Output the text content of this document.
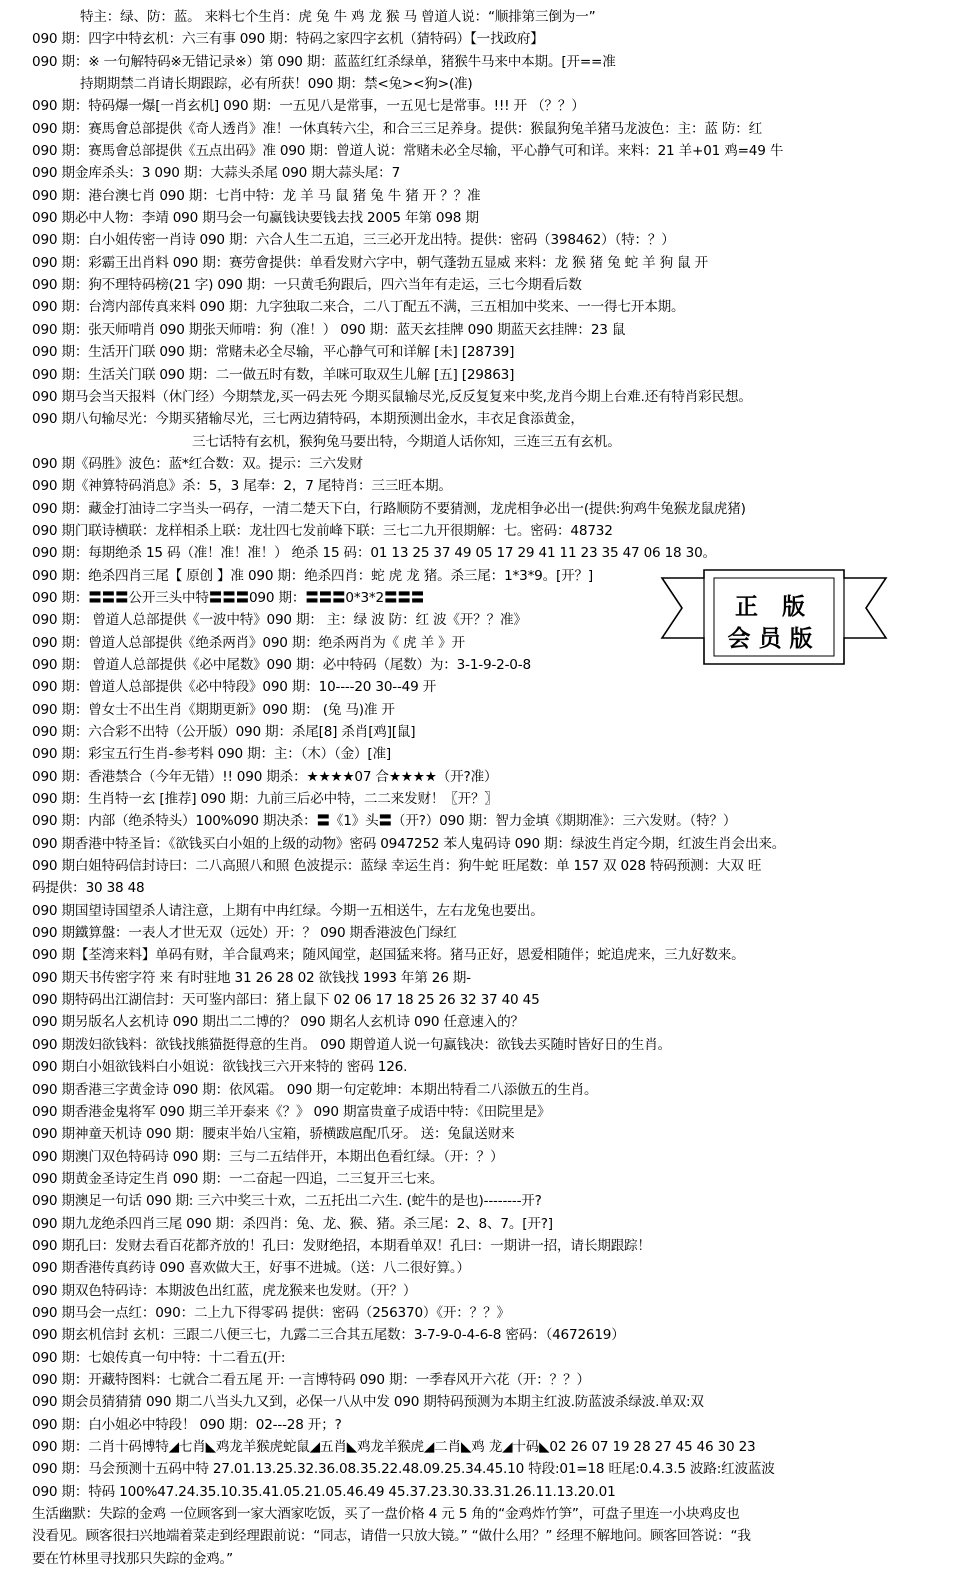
特主：绿、防：蓝。 来料七个生肖：虎 兔 牛 鸡 龙 猴 马 曾道人说：“顺排第三倒为一”
090 期：四字中特玄机：六三有事 090 期：特码之家四字玄机（猜特码）【一找政府】
090 期：※ 一句解特码※无错记录※）第 090 期：蓝蓝红红杀绿单，猪猴牛马来中本期。[开==准
持期期禁二肖请长期跟踪，必有所获！090 期：禁<兔><狗>(准)
090 期：特码爆一爆[一肖玄机] 090 期：一五见八是常事，一五见七是常事。!!! 开 （？？）
090 期：赛馬會总部提供《奇人透肖》准！一休真转六尘，和合三三足养身。提供：猴鼠狗兔羊猪马龙波色：主：蓝 防：红
090 期：赛馬會总部提供《五点出码》准 090 期：曾道人说：常赌未必全尽输，平心静气可和详。来料：21 羊+01 鸡=49 牛
090 期金库杀头：3 090 期：大蒜头杀尾 090 期大蒜头尾：7
090 期：港台澳七肖 090 期：七肖中特：龙 羊 马 鼠 猪 兔 牛 猪 开 ？？准
090 期必中人物：李靖 090 期马会一句赢钱诀要钱去找 2005 年第 098 期
090 期：白小姐传密一肖诗 090 期：六合人生二五追，三三必开龙出特。提供：密码（398462）（特：？）
090 期：彩霸王出肖料 090 期：赛劳會提供：单看发财六字中，朝气蓬勃五显威 来料：龙 猴 猪 兔 蛇 羊 狗 鼠 开
090 期：狗不理特码榜(21 字) 090 期：一只黄毛狗跟后，四六当年有走运，三七今期看后数
090 期：台湾内部传真来料 090 期：九字独取二来合，二八丁配五不满，三五相加中奖来、一一得七开本期。
090 期：张天师啃肖 090 期张天师啃：狗（准！） 090 期：蓝天玄挂牌 090 期蓝天玄挂牌：23 鼠
090 期：生活开门联 090 期：常赌未必全尽输，平心静气可和详解 [未] [28739]
090 期：生活关门联 090 期：二一做五时有数，羊咪可取双生儿解 [五] [29863]
090 期马会当天报料（休门经）今期禁龙,买一码去死 今期买鼠输尽光,反反复复来中奖,龙肖今期上台难.还有特肖彩民想。
090 期八句输尽光：今期买猪输尽光，三七两边猜特码，本期预测出金水，丰衣足食添黄金，
三七话特有玄机，猴狗兔马要出特，今期道人话你知，三连三五有玄机。
090 期《码胜》波色：蓝*红合数：双。提示：三六发财
090 期《神算特码消息》杀：5，3 尾奉：2，7 尾特肖：三三旺本期。
090 期：藏金打油诗二字当头一码存，一清二楚天下白，行路顺防不要猜测，龙虎相争必出一(提供:狗鸡牛兔猴龙鼠虎猪)
090 期门联诗横联：龙样相杀上联：龙壮四七发前峰下联：三七二九开很期解：七。密码：48732
090 期：每期绝杀 15 码（准！准！准！） 绝杀 15 码：01 13 25 37 49 05 17 29 41 11 23 35 47 06 18 30。
090 期：绝杀四肖三尾【 原创 】准 090 期：绝杀四肖：蛇 虎 龙 猪。杀三尾：1*3*9。[开？]
090 期：〓〓〓公开三头中特〓〓〓090 期：〓〓〓0*3*2〓〓〓
090 期： 曾道人总部提供《一波中特》090 期： 主：绿 波 防：红 波《开？？准》
090 期：曾道人总部提供《绝杀两肖》090 期：绝杀两肖为《 虎 羊 》开
090 期： 曾道人总部提供《必中尾数》090 期：必中特码（尾数）为：3-1-9-2-0-8
090 期：曾道人总部提供《必中特段》090 期：10----20 30--49 开
090 期：曾女士不出生肖《期期更新》090 期： (兔 马)准 开
090 期：六合彩不出特（公开版）090 期：杀尾[8] 杀肖[鸡][鼠]
090 期：彩宝五行生肖-参考料 090 期：主：（木）（金）[准]
090 期：香港禁合（今年无错）!! 090 期杀：★★★★07 合★★★★（开?准）
090 期：生肖特一玄 [推荐] 090 期：九前三后必中特，二二来发财！〖开？〗
090 期：内部（绝杀特头）100%090 期决杀：〓《1》头〓（开?）090 期：智力金填《期期准》：三六发财。（特？）
090 期香港中特圣旨：《欲钱买白小姐的上级的动物》密码 0947252 苯人鬼码诗 090 期：绿波生肖定今期，红波生肖会出来。
090 期白姐特码信封诗曰：二八高照八和照 色波提示：蓝绿 幸运生肖：狗牛蛇 旺尾数：单 157 双 028 特码预测：大双 旺
码提供：30 38 48
090 期国望诗国望杀人请注意，上期有中冉红绿。今期一五相送牛，左右龙兔也要出。
090 期鐵算盤：一表人才世无双（远处）开：？ 090 期香港波色门绿红
090 期【荃湾来料】单码有财，羊合鼠鸡来；随风闻堂，赵国猛来将。猪马正好，恩爱相随伴；蛇追虎来，三九好数来。
090 期天书传密字符 来 有时驻地 31 26 28 02 欲钱找 1993 年第 26 期-
090 期特码出江湖信封：天可鉴内部曰：猪上鼠下 02 06 17 18 25 26 32 37 40 45
090 期另版名人玄机诗 090 期出二二博的？ 090 期名人玄机诗 090 任意速入的？
090 期泼妇欲钱料：欲钱找熊猫挺得意的生肖。 090 期曾道人说一句赢钱决：欲钱去买随时皆好日的生肖。
090 期白小姐欲钱料白小姐说：欲钱找三六开来特的 密码 126.
090 期香港三字黄金诗 090 期：依风霜。 090 期一句定乾坤：本期出特看二八添倣五的生肖。
090 期香港金鬼将军 090 期三羊开泰来《？》 090 期富贵童子成语中特：《田院里是》
090 期神童天机诗 090 期：腰束半始八宝箱，骄横跋扈配爪牙。 送：兔鼠送财来
090 期澳门双色特码诗 090 期：三与二五结伴开，本期出色看红绿。（开：？）
090 期黄金圣诗定生肖 090 期：一二奋起一四追，二三复开三七来。
090 期澳足一句话 090 期: 三六中奖三十欢，二五托出二六生. (蛇牛的是也)--------开?
090 期九龙绝杀四肖三尾 090 期：杀四肖：兔、龙、猴、猪。杀三尾：2、8、7。[开?]
090 期孔曰：发财去看百花都齐放的！孔曰：发财绝招，本期看单双！孔曰：一期讲一招，请长期跟踪！
090 期香港传真药诗 090 喜欢做大王，好事不进城。（送：八二很好算。）
090 期双色特码诗：本期波色出红蓝，虎龙猴来也发财。（开？）
090 期马会一点红：090：二上九下得零码 提供：密码（256370）《开：？？》
090 期玄机信封 玄机：三跟二八便三七，九露二三合其五尾数：3-7-9-0-4-6-8 密码：（4672619）
090 期：七娘传真一句中特：十二看五(开:
090 期：开藏特图料：七就合二看五尾 开: 一言博特码 090 期：一季春风开六花（开：？？）
090 期会员猜猜猜 090 期二八当头九又到，必保一八从中发 090 期特码预测为本期主红波.防蓝波杀绿波.单双:双
090 期：白小姐必中特段！ 090 期：02---28 开；?
090 期：二肖十码博特◢七肖◣鸡龙羊猴虎蛇鼠◢五肖◣鸡龙羊猴虎◢二肖◣鸡 龙◢十码◣02 26 07 19 28 27 45 46 30 23
090 期：马会预测十五码中特 27.01.13.25.32.36.08.35.22.48.09.25.34.45.10 特段:01=18 旺尾:0.4.3.5 波路:红波蓝波
090 期：特码 100%47.24.35.10.35.41.05.21.05.46.49 45.37.23.30.33.31.26.11.13.20.01
生活幽默：失踪的金鸡 一位顾客到一家大酒家吃饭，买了一盘价格 4 元 5 角的“金鸡炸竹笋”，可盘子里连一小块鸡皮也
没看见。顾客很扫兴地端着菜走到经理跟前说：“同志，请借一只放大镜。” “做什么用？” 经理不解地问。顾客回答说：“我
要在竹林里寻找那只失踪的金鸡。”
正 版
会员版
